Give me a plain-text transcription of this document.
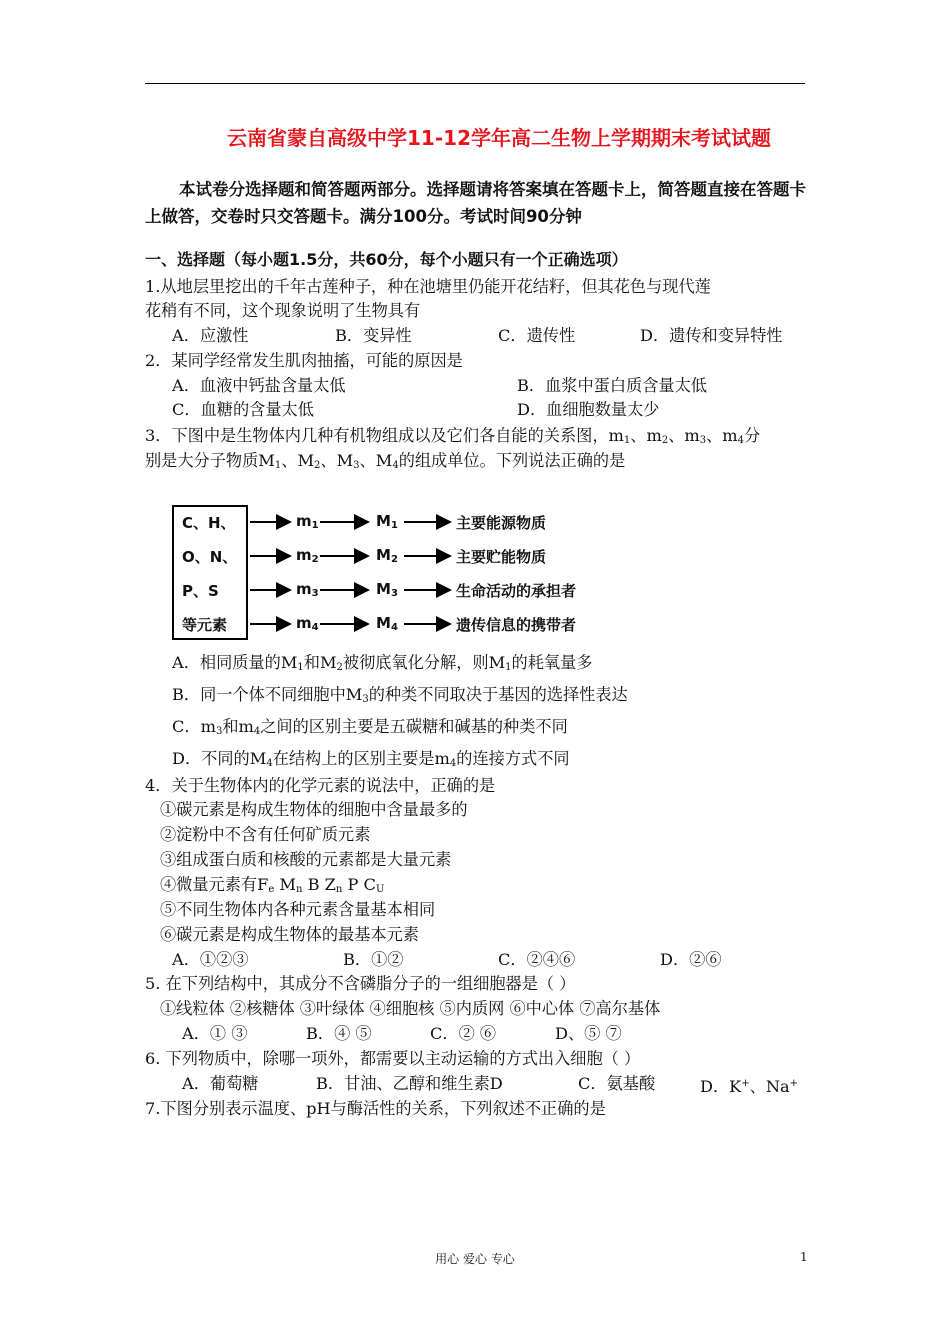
云南省蒙自高级中学11-12学年高二生物上学期期末考试试题
本试卷分选择题和简答题两部分。选择题请将答案填在答题卡上，简答题直接在答题卡上做答，交卷时只交答题卡。满分100分。考试时间90分钟
一、选择题（每小题1.5分，共60分，每个小题只有一个正确选项）
1.从地层里挖出的千年古莲种子，种在池塘里仍能开花结籽，但其花色与现代莲
花稍有不同，这个现象说明了生物具有
A．应激性	B．变异性	C．遗传性	D．遗传和变异特性
2．某同学经常发生肌肉抽搐，可能的原因是
A．血液中钙盐含量太低	B．血浆中蛋白质含量太低
C．血糖的含量太低	D．血细胞数量太少
3．下图中是生物体内几种有机物组成以及它们各自能的关系图，$m_1$、$m_2$、$m_3$、$m_4$分
别是大分子物质$M_1$、$M_2$、$M_3$、$M_4$的组成单位。下列说法正确的是
C、H、
O、N、
P、S
等元素
$m_1$
$m_2$
$m_3$
$m_4$
$M_1$
$M_2$
$M_3$
$M_4$
主要能源物质
主要贮能物质
生命活动的承担者
遗传信息的携带者
A．相同质量的$M_1$和$M_2$被彻底氧化分解，则$M_1$的耗氧量多
B．同一个体不同细胞中$M_3$的种类不同取决于基因的选择性表达
C．$m_3$和$m_4$之间的区别主要是五碳糖和碱基的种类不同
D．不同的$M_4$在结构上的区别主要是$m_4$的连接方式不同
4．关于生物体内的化学元素的说法中，正确的是
①碳元素是构成生物体的细胞中含量最多的
②淀粉中不含有任何矿质元素
③组成蛋白质和核酸的元素都是大量元素
④微量元素有$F_e$ $M_n$ B $Z_n$ P $C_U$
⑤不同生物体内各种元素含量基本相同
⑥碳元素是构成生物体的最基本元素
A．①②③	B．①②	C．②④⑥	D．②⑥
5. 在下列结构中，其成分不含磷脂分子的一组细胞器是（ ）
①线粒体 ②核糖体 ③叶绿体 ④细胞核 ⑤内质网 ⑥中心体 ⑦高尔基体
A．① ③	B．④ ⑤	C．② ⑥	D、⑤ ⑦
6. 下列物质中，除哪一项外，都需要以主动运输的方式出入细胞（ ）
A．葡萄糖	B．甘油、乙醇和维生素D	C．氨基酸	D．K+、Na+
7.下图分别表示温度、pH与酶活性的关系，下列叙述不正确的是
用心 爱心 专心	1
